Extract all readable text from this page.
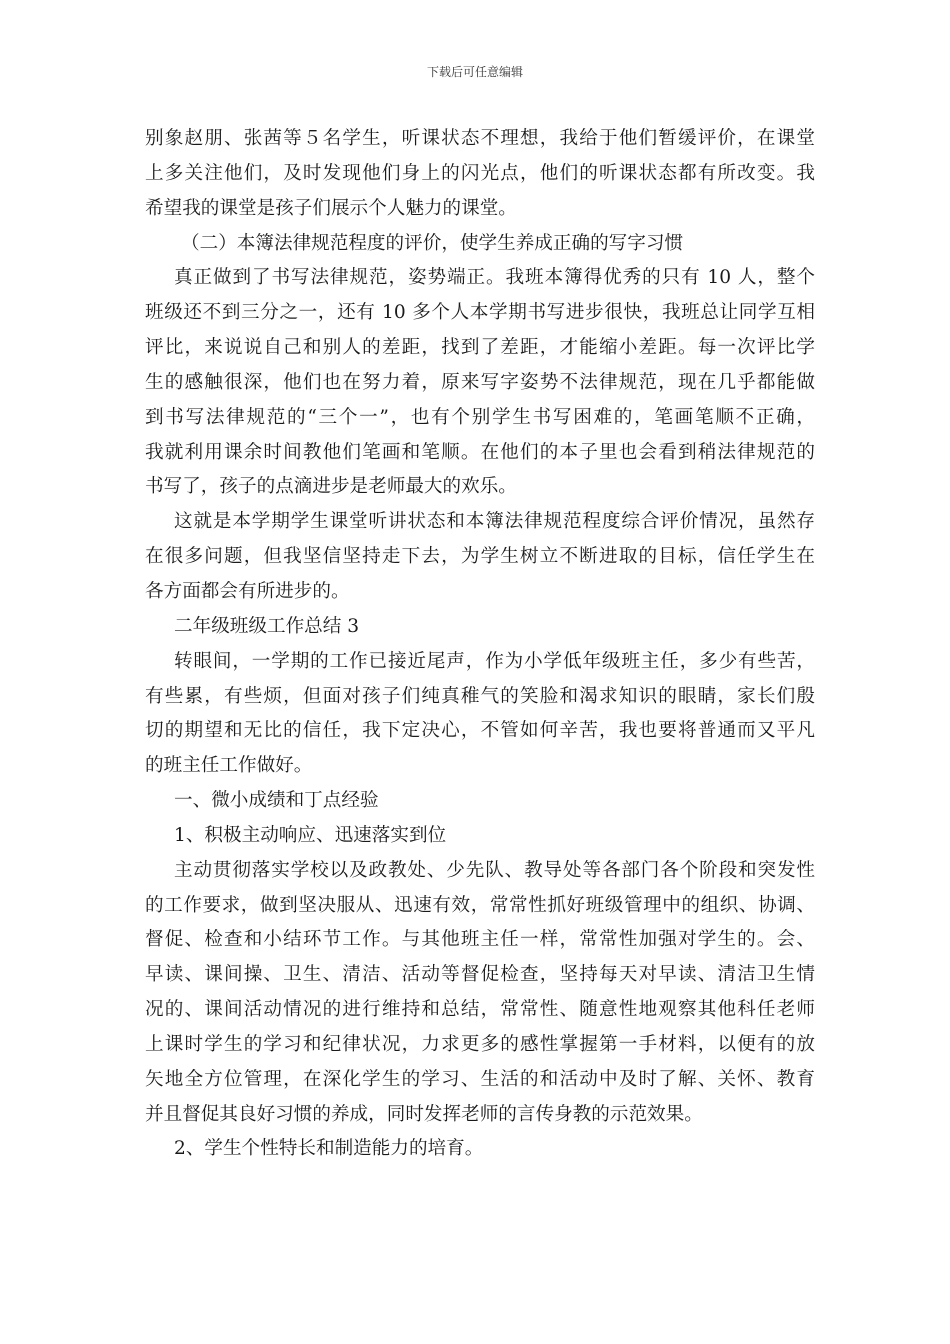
下载后可任意编辑
别象赵朋、张茜等５名学生，听课状态不理想，我给于他们暂缓评价，在课堂
上多关注他们，及时发现他们身上的闪光点，他们的听课状态都有所改变。我
希望我的课堂是孩子们展示个人魅力的课堂。
（二）本簿法律规范程度的评价，使学生养成正确的写字习惯
真正做到了书写法律规范，姿势端正。我班本簿得优秀的只有 10 人，整个
班级还不到三分之一，还有 10 多个人本学期书写进步很快，我班总让同学互相
评比，来说说自己和别人的差距，找到了差距，才能缩小差距。每一次评比学
生的感触很深，他们也在努力着，原来写字姿势不法律规范，现在几乎都能做
到书写法律规范的“三个一”，也有个别学生书写困难的，笔画笔顺不正确，
我就利用课余时间教他们笔画和笔顺。在他们的本子里也会看到稍法律规范的
书写了，孩子的点滴进步是老师最大的欢乐。
这就是本学期学生课堂听讲状态和本簿法律规范程度综合评价情况，虽然存
在很多问题，但我坚信坚持走下去，为学生树立不断进取的目标，信任学生在
各方面都会有所进步的。
二年级班级工作总结 3
转眼间，一学期的工作已接近尾声，作为小学低年级班主任，多少有些苦，
有些累，有些烦，但面对孩子们纯真稚气的笑脸和渴求知识的眼睛，家长们殷
切的期望和无比的信任，我下定决心，不管如何辛苦，我也要将普通而又平凡
的班主任工作做好。
一、微小成绩和丁点经验
1、积极主动响应、迅速落实到位
主动贯彻落实学校以及政教处、少先队、教导处等各部门各个阶段和突发性
的工作要求，做到坚决服从、迅速有效，常常性抓好班级管理中的组织、协调、
督促、检查和小结环节工作。与其他班主任一样，常常性加强对学生的。会、
早读、课间操、卫生、清洁、活动等督促检查，坚持每天对早读、清洁卫生情
况的、课间活动情况的进行维持和总结，常常性、随意性地观察其他科任老师
上课时学生的学习和纪律状况，力求更多的感性掌握第一手材料，以便有的放
矢地全方位管理，在深化学生的学习、生活的和活动中及时了解、关怀、教育
并且督促其良好习惯的养成，同时发挥老师的言传身教的示范效果。
2、学生个性特长和制造能力的培育。
